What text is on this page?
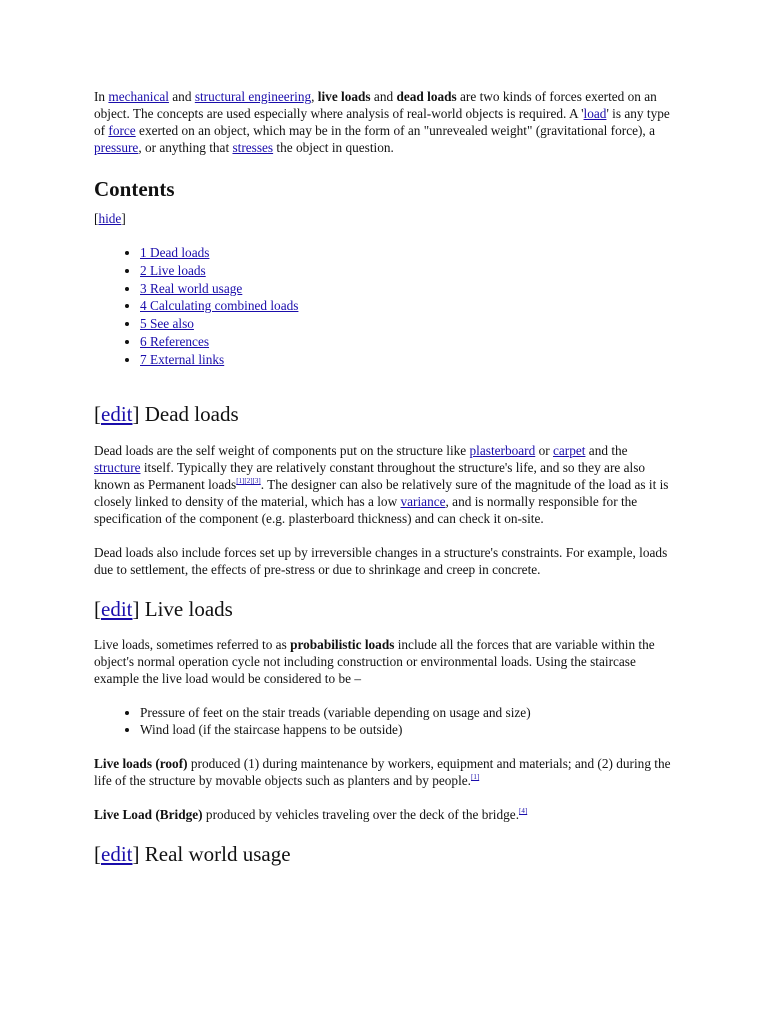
In mechanical and structural engineering, live loads and dead loads are two kinds of forces exerted on an object. The concepts are used especially where analysis of real-world objects is required. A 'load' is any type of force exerted on an object, which may be in the form of an "unrevealed weight" (gravitational force), a pressure, or anything that stresses the object in question.

Contents

[hide]

• 1 Dead loads
• 2 Live loads
• 3 Real world usage
• 4 Calculating combined loads
• 5 See also
• 6 References
• 7 External links
[edit] Dead loads

Dead loads are the self weight of components put on the structure like plasterboard or carpet and the structure itself. Typically they are relatively constant throughout the structure's life, and so they are also known as Permanent loads[1][2][3]. The designer can also be relatively sure of the magnitude of the load as it is closely linked to density of the material, which has a low variance, and is normally responsible for the specification of the component (e.g. plasterboard thickness) and can check it on-site.

Dead loads also include forces set up by irreversible changes in a structure's constraints. For example, loads due to settlement, the effects of pre-stress or due to shrinkage and creep in concrete.

[edit] Live loads

Live loads, sometimes referred to as probabilistic loads include all the forces that are variable within the object's normal operation cycle not including construction or environmental loads. Using the staircase example the live load would be considered to be –

• Pressure of feet on the stair treads (variable depending on usage and size)
• Wind load (if the staircase happens to be outside)

Live loads (roof) produced (1) during maintenance by workers, equipment and materials; and (2) during the life of the structure by movable objects such as planters and by people.[1]

Live Load (Bridge) produced by vehicles traveling over the deck of the bridge.[4]

[edit] Real world usage
